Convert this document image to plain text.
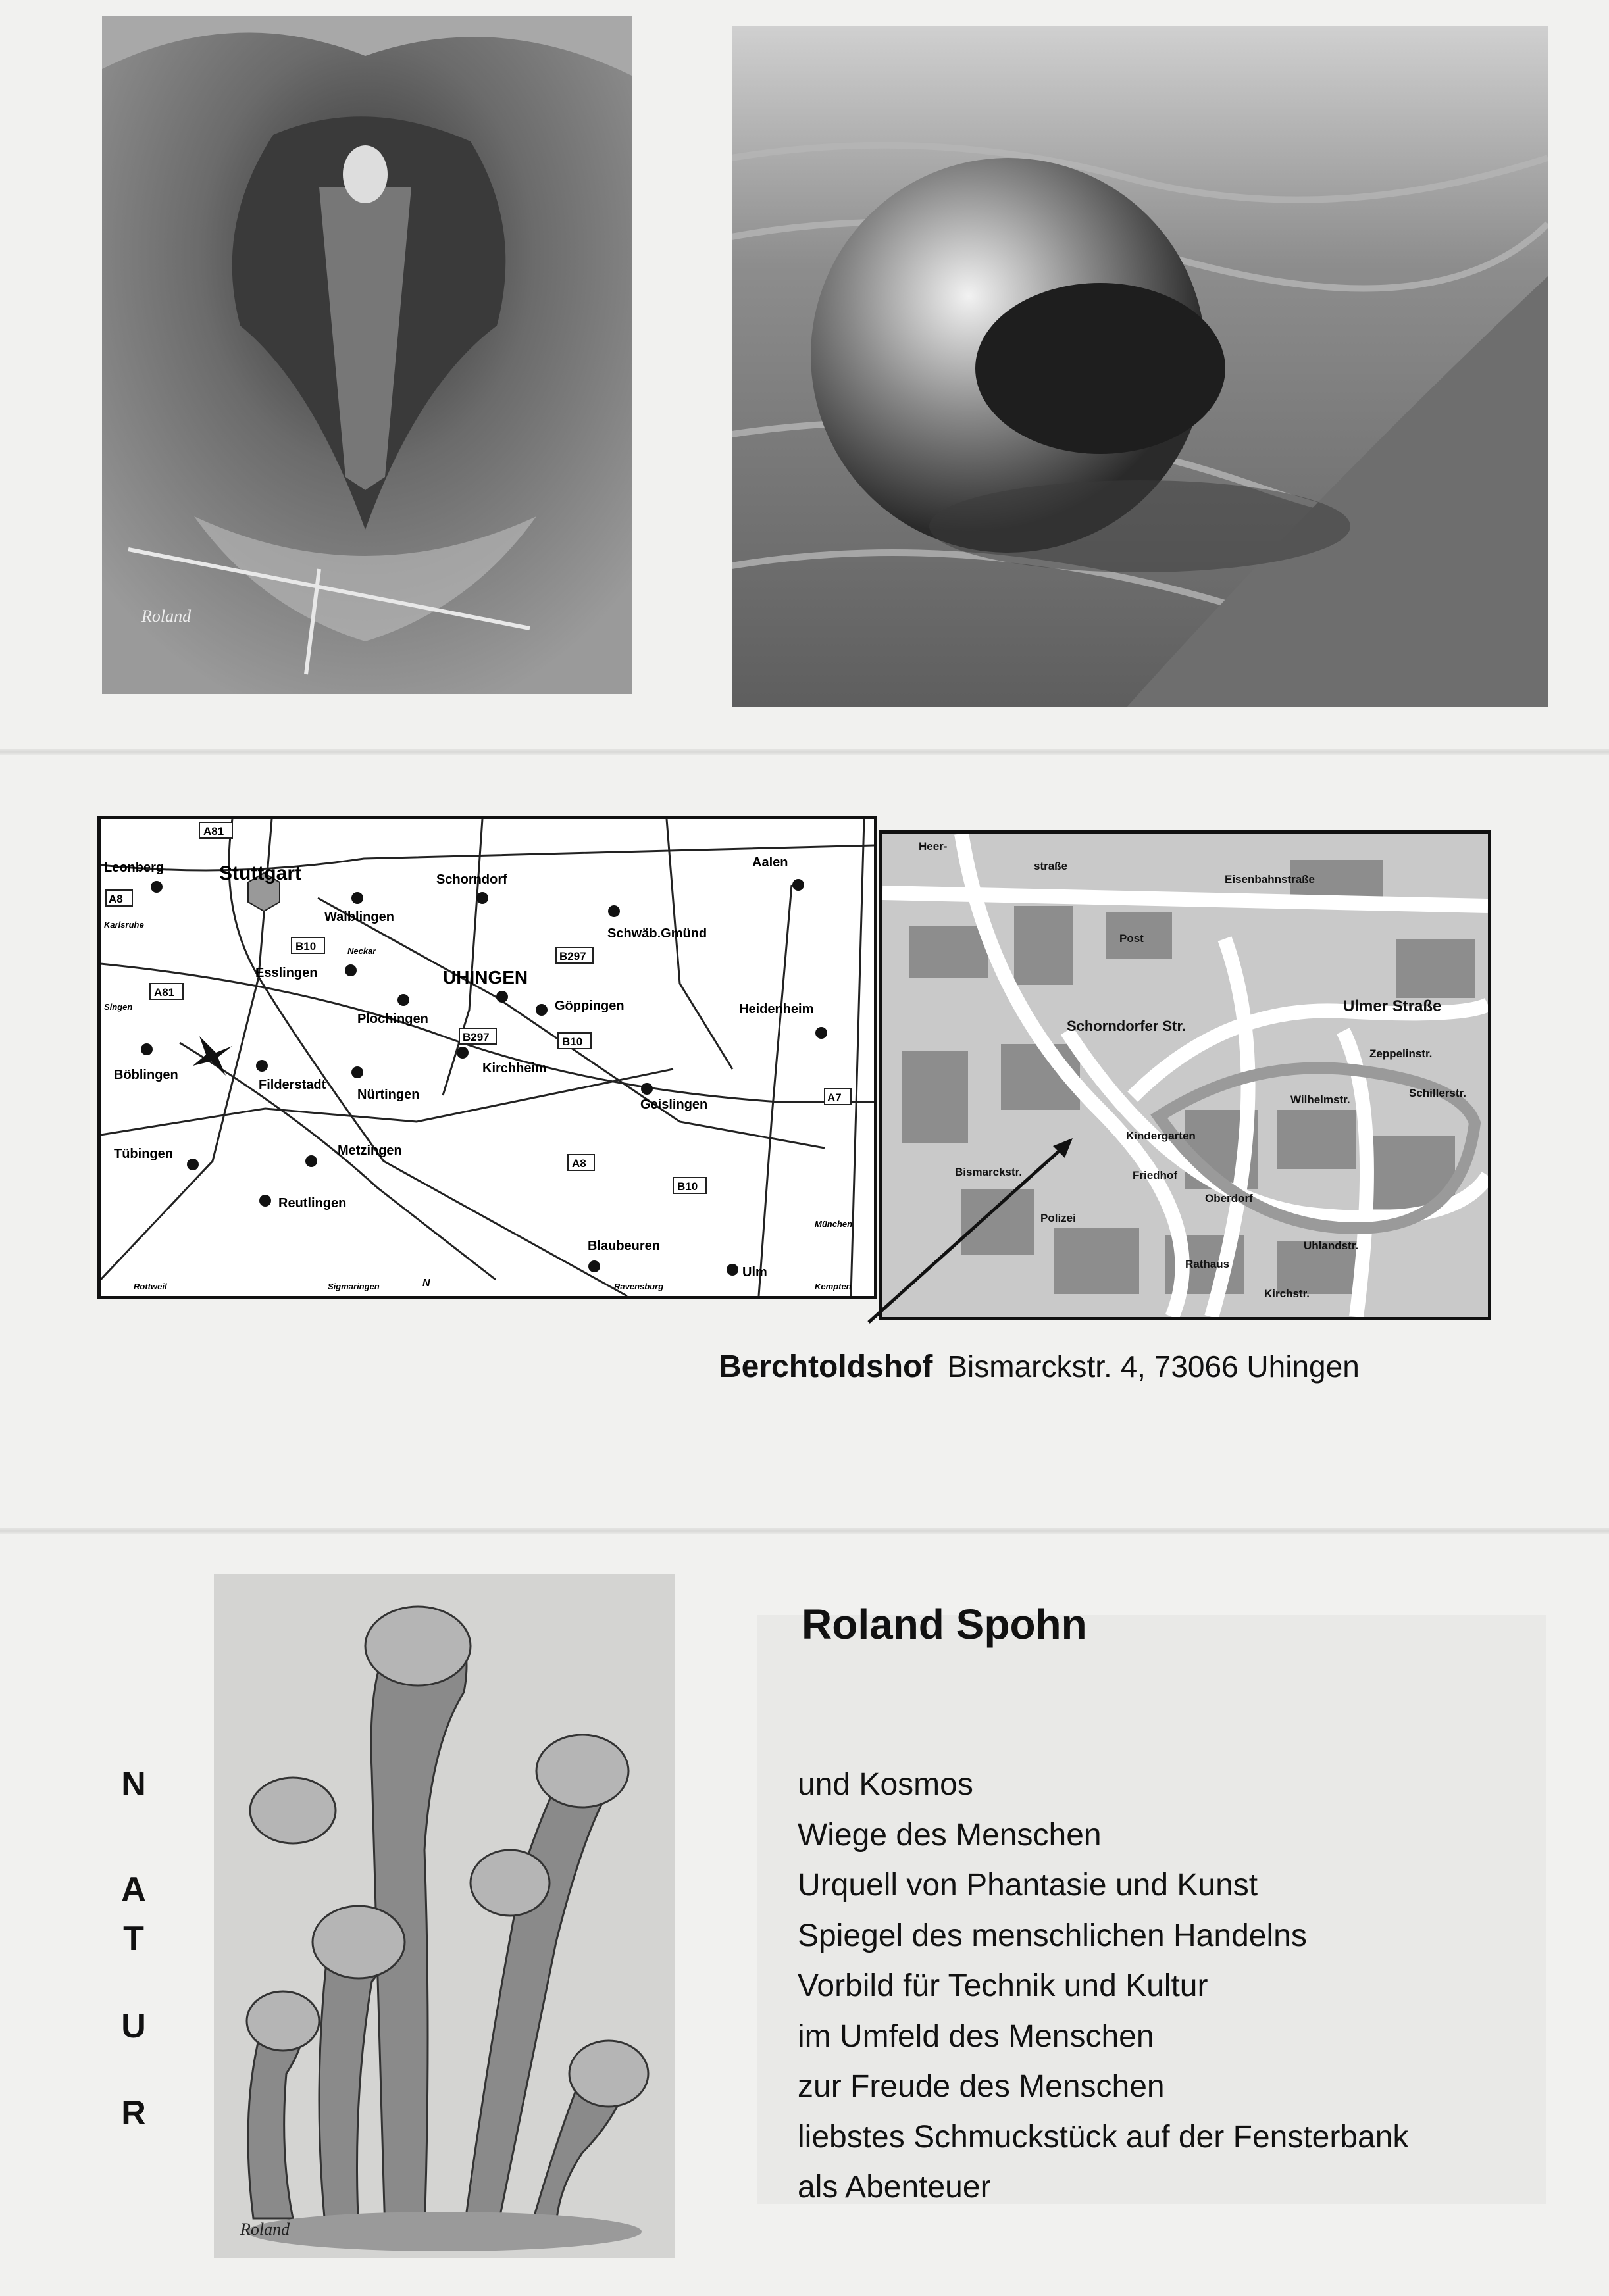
Roland
Leonberg	Stuttgart
Waiblingen
Schorndorf
Aalen
Schwäb.Gmünd
Esslingen	UHINGEN
Göppingen	Heidenheim
Plochingen
Kirchheim
Böblingen
Filderstadt
Nürtingen
Geislingen
Tübingen	Metzingen
Reutlingen
Blaubeuren
Ulm
A81
A8
A81
B10
B297
B10
B297
A8
B10
A7
Karlsruhe
Singen
Neckar
Rottweil	Sigmaringen	Ravensburg
München
Kempten
N
Heer-
straße
Eisenbahnstraße
Post
Uhlandstr.
Ulmer Straße
Zeppelinstr.
Schorndorfer Str.
Bismarckstr.
Oberdorf
Wilhelmstr.
Kindergarten
Friedhof
Polizei
Rathaus
Schillerstr.
Kirchstr.
Berchtoldshof Bismarckstr. 4, 73066 Uhingen
Roland
N
A
T
U
R
Roland Spohn
und Kosmos
Wiege des Menschen
Urquell von Phantasie und Kunst
Spiegel des menschlichen Handelns
Vorbild für Technik und Kultur
im Umfeld des Menschen
zur Freude des Menschen
liebstes Schmuckstück auf der Fensterbank
als Abenteuer
